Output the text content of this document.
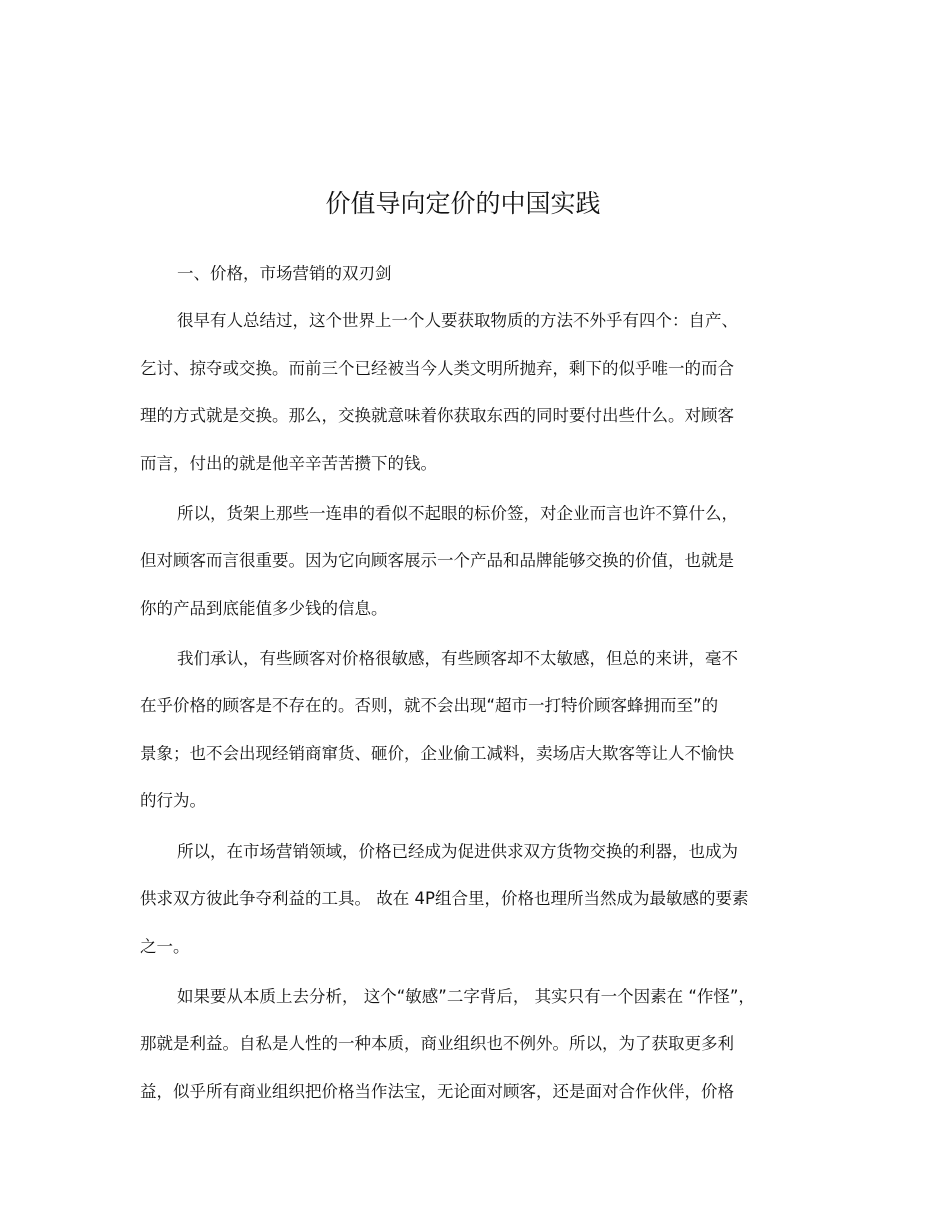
价值导向定价的中国实践
一、价格，市场营销的双刃剑
很早有人总结过，这个世界上一个人要获取物质的方法不外乎有四个：自产、
乞讨、掠夺或交换。而前三个已经被当今人类文明所抛弃，剩下的似乎唯一的而合
理的方式就是交换。那么，交换就意味着你获取东西的同时要付出些什么。对顾客
而言，付出的就是他辛辛苦苦攒下的钱。
所以，货架上那些一连串的看似不起眼的标价签，对企业而言也许不算什么，
但对顾客而言很重要。因为它向顾客展示一个产品和品牌能够交换的价值，也就是
你的产品到底能值多少钱的信息。
我们承认，有些顾客对价格很敏感，有些顾客却不太敏感，但总的来讲，毫不
在乎价格的顾客是不存在的。否则，就不会出现“超市一打特价顾客蜂拥而至”的
景象；也不会出现经销商窜货、砸价，企业偷工减料，卖场店大欺客等让人不愉快
的行为。
所以，在市场营销领域，价格已经成为促进供求双方货物交换的利器，也成为
供求双方彼此争夺利益的工具。 故在 4P组合里，价格也理所当然成为最敏感的要素
之一。
如果要从本质上去分析， 这个“敏感”二字背后， 其实只有一个因素在 “作怪”，
那就是利益。自私是人性的一种本质，商业组织也不例外。所以，为了获取更多利
益，似乎所有商业组织把价格当作法宝，无论面对顾客，还是面对合作伙伴，价格
